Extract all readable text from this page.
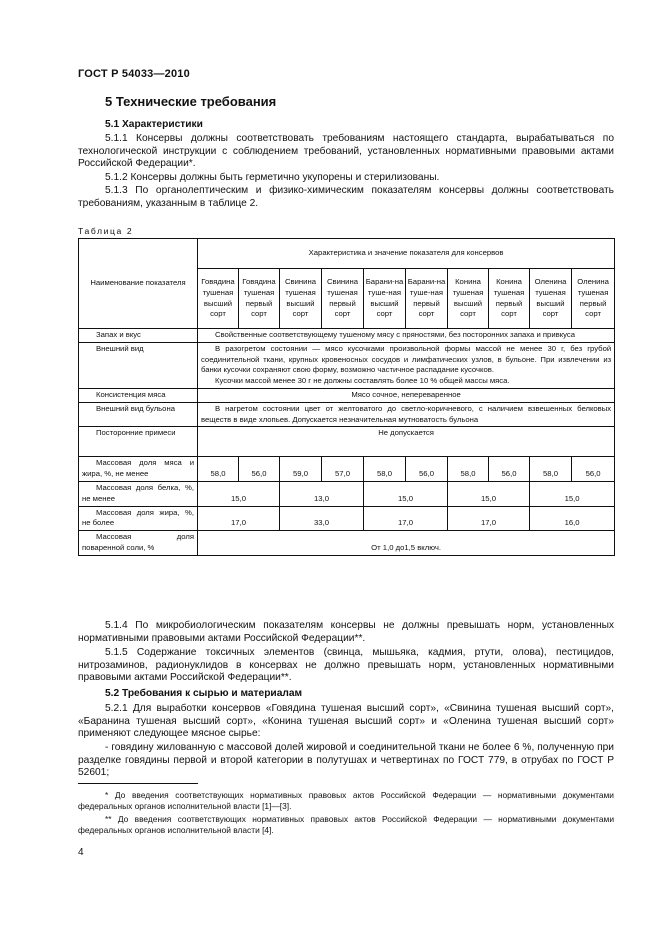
ГОСТ Р 54033—2010
5 Технические требования
5.1 Характеристики
5.1.1 Консервы должны соответствовать требованиям настоящего стандарта, вырабатываться по технологической инструкции с соблюдением требований, установленных нормативными правовыми актами Российской Федерации*.
5.1.2 Консервы должны быть герметично укупорены и стерилизованы.
5.1.3 По органолептическим и физико-химическим показателям консервы должны соответствовать требованиям, указанным в таблице 2.
Таблица 2
Наименование показателя	Характеристика и значение показателя для консервов									
	Говядина тушеная высший сорт	Говядина тушеная первый сорт	Свинина тушеная высший сорт	Свинина тушеная первый сорт	Барани-на туше-ная высший сорт	Барани-на туше-ная первый сорт	Конина тушеная высший сорт	Конина тушеная первый сорт	Оленина тушеная высший сорт	Оленина тушеная первый сорт
Запах и вкус	Свойственные соответствующему тушеному мясу с пряностями, без посторонних запаха и привкуса									
Внешний вид	В разогретом состоянии — мясо кусочками произвольной формы массой не менее 30 г, без грубой соединительной ткани, крупных кровеносных сосудов и лимфатических узлов, в бульоне. При извлечении из банки кусочки сохраняют свою форму, возможно частичное распадание кусочков.
Кусочки массой менее 30 г не должны составлять более 10 % общей массы мяса.									

Консистенция мяса	Мясо сочное, непереваренное									
Внешний вид бульона	В нагретом состоянии цвет от желтоватого до светло-коричневого, с наличием взвешенных белковых веществ в виде хлопьев. Допускается незначительная мутноватость бульона									
Посторонние примеси	Не допускается									
Массовая доля мяса и жира, %, не менее	58,0	56,0	59,0	57,0	58,0	56,0	58,0	56,0	58,0	56,0
Массовая доля белка, %, не менее	15,0		13,0		15,0		15,0		15,0	
Массовая доля жира, %, не более	17,0		33,0		17,0		17,0		16,0	
Массовая доля поваренной соли, %	От 1,0 до1,5 включ.									
5.1.4 По микробиологическим показателям консервы не должны превышать норм, установленных нормативными правовыми актами Российской Федерации**.
5.1.5 Содержание токсичных элементов (свинца, мышьяка, кадмия, ртути, олова), пестицидов, нитрозаминов, радионуклидов в консервах не должно превышать норм, установленных нормативными правовыми актами Российской Федерации**.
5.2 Требования к сырью и материалам
5.2.1 Для выработки консервов «Говядина тушеная высший сорт», «Свинина тушеная высший сорт», «Баранина тушеная высший сорт», «Конина тушеная высший сорт» и «Оленина тушеная высший сорт» применяют следующее мясное сырье:
- говядину жилованную с массовой долей жировой и соединительной ткани не более 6 %, полученную при разделке говядины первой и второй категории в полутушах и четвертинах по ГОСТ 779, в отрубах по ГОСТ Р 52601;
* До введения соответствующих нормативных правовых актов Российской Федерации — нормативными документами федеральных органов исполнительной власти [1]—[3].
** До введения соответствующих нормативных правовых актов Российской Федерации — нормативными документами федеральных органов исполнительной власти [4].
4
